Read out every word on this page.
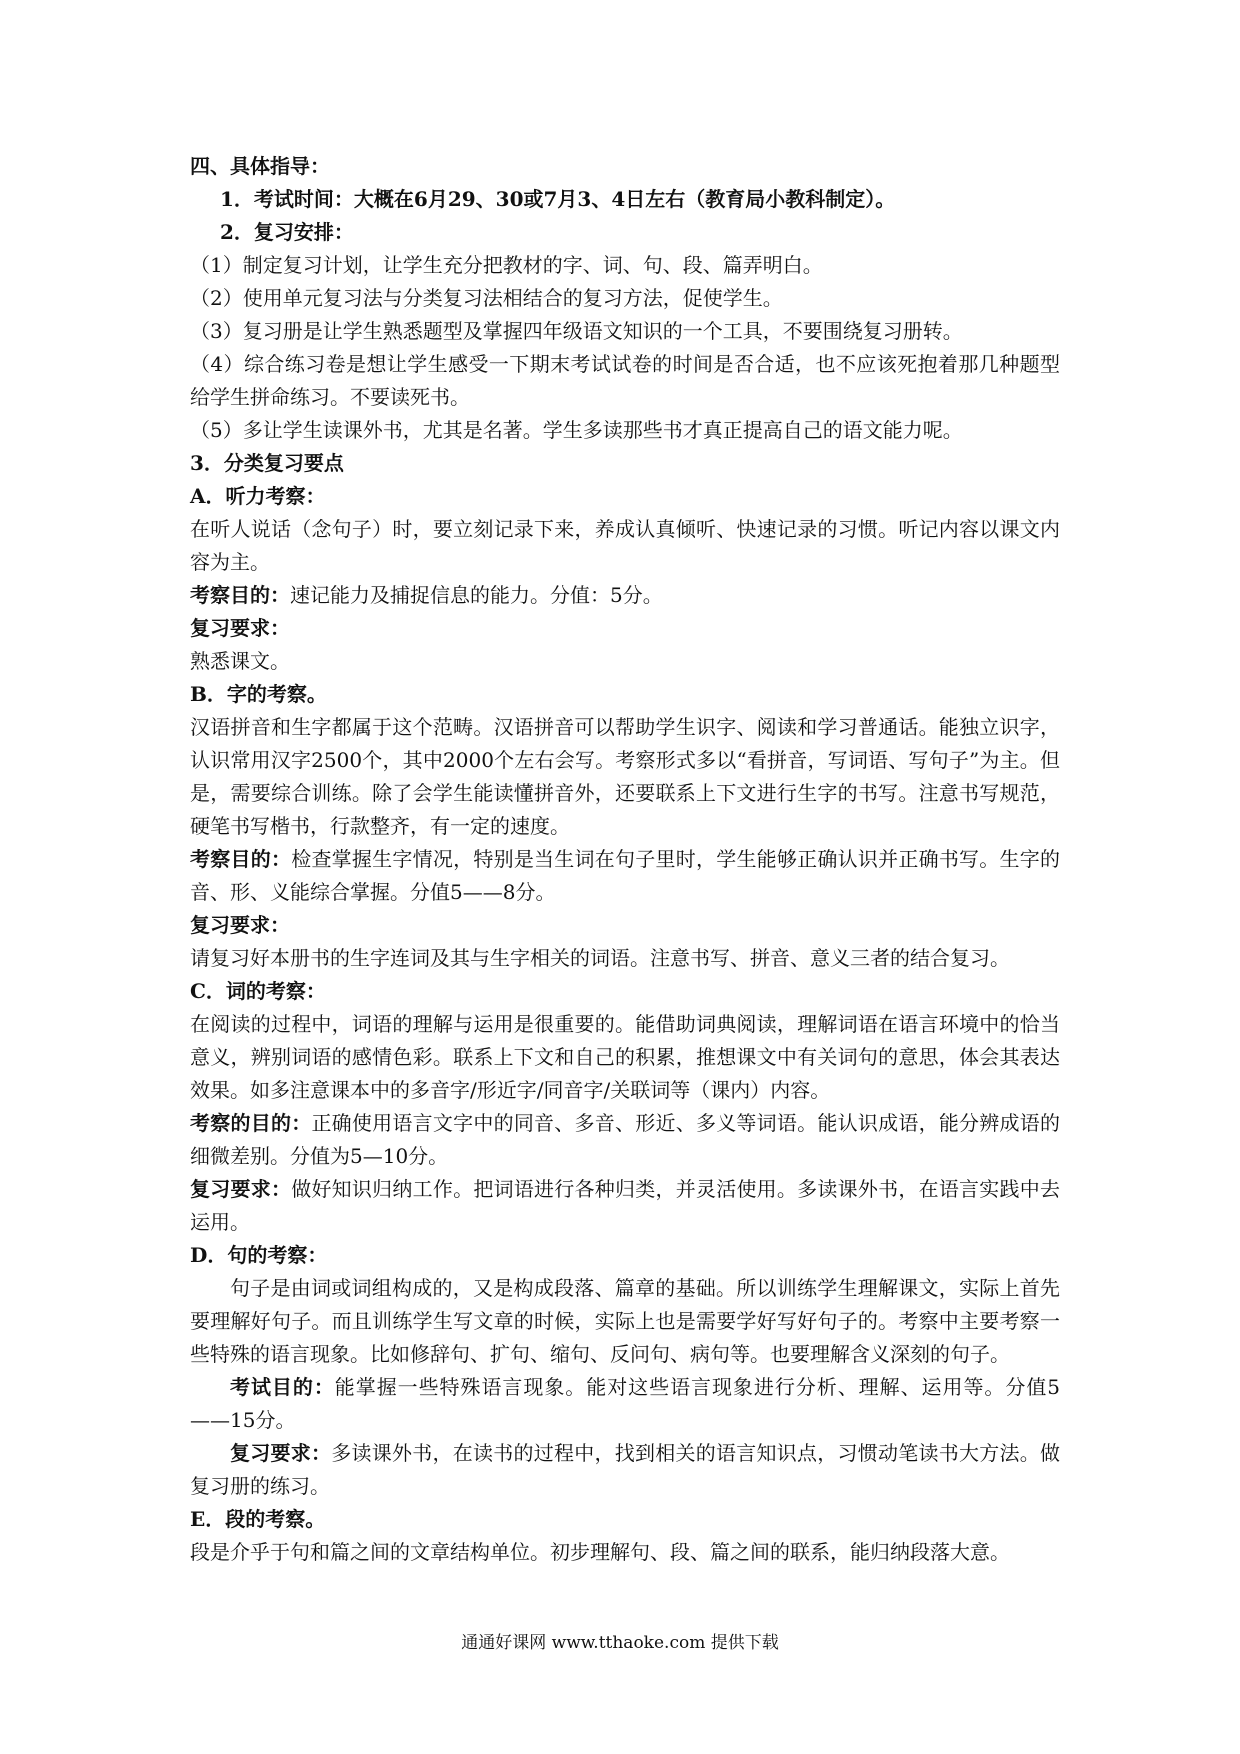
四、具体指导：
1．考试时间：大概在6月29、30或7月3、4日左右（教育局小教科制定）。
2．复习安排：
（1）制定复习计划，让学生充分把教材的字、词、句、段、篇弄明白。
（2）使用单元复习法与分类复习法相结合的复习方法，促使学生。
（3）复习册是让学生熟悉题型及掌握四年级语文知识的一个工具，不要围绕复习册转。
（4）综合练习卷是想让学生感受一下期末考试试卷的时间是否合适，也不应该死抱着那几种题型给学生拼命练习。不要读死书。
（5）多让学生读课外书，尤其是名著。学生多读那些书才真正提高自己的语文能力呢。
3．分类复习要点
A．听力考察：
在听人说话（念句子）时，要立刻记录下来，养成认真倾听、快速记录的习惯。听记内容以课文内容为主。
考察目的：速记能力及捕捉信息的能力。分值：5分。
复习要求：
熟悉课文。
B．字的考察。
汉语拼音和生字都属于这个范畴。汉语拼音可以帮助学生识字、阅读和学习普通话。能独立识字，认识常用汉字2500个，其中2000个左右会写。考察形式多以“看拼音，写词语、写句子”为主。但是，需要综合训练。除了会学生能读懂拼音外，还要联系上下文进行生字的书写。注意书写规范，硬笔书写楷书，行款整齐，有一定的速度。
考察目的：检查掌握生字情况，特别是当生词在句子里时，学生能够正确认识并正确书写。生字的音、形、义能综合掌握。分值5——8分。
复习要求：
请复习好本册书的生字连词及其与生字相关的词语。注意书写、拼音、意义三者的结合复习。
C．词的考察：
在阅读的过程中，词语的理解与运用是很重要的。能借助词典阅读，理解词语在语言环境中的恰当意义，辨别词语的感情色彩。联系上下文和自己的积累，推想课文中有关词句的意思，体会其表达效果。如多注意课本中的多音字/形近字/同音字/关联词等（课内）内容。
考察的目的：正确使用语言文字中的同音、多音、形近、多义等词语。能认识成语，能分辨成语的细微差别。分值为5—10分。
复习要求：做好知识归纳工作。把词语进行各种归类，并灵活使用。多读课外书，在语言实践中去运用。
D．句的考察：
句子是由词或词组构成的，又是构成段落、篇章的基础。所以训练学生理解课文，实际上首先要理解好句子。而且训练学生写文章的时候，实际上也是需要学好写好句子的。考察中主要考察一些特殊的语言现象。比如修辞句、扩句、缩句、反问句、病句等。也要理解含义深刻的句子。
考试目的：能掌握一些特殊语言现象。能对这些语言现象进行分析、理解、运用等。分值5——15分。
复习要求：多读课外书，在读书的过程中，找到相关的语言知识点，习惯动笔读书大方法。做复习册的练习。
E．段的考察。
段是介乎于句和篇之间的文章结构单位。初步理解句、段、篇之间的联系，能归纳段落大意。
通通好课网 www.tthaoke.com 提供下载
